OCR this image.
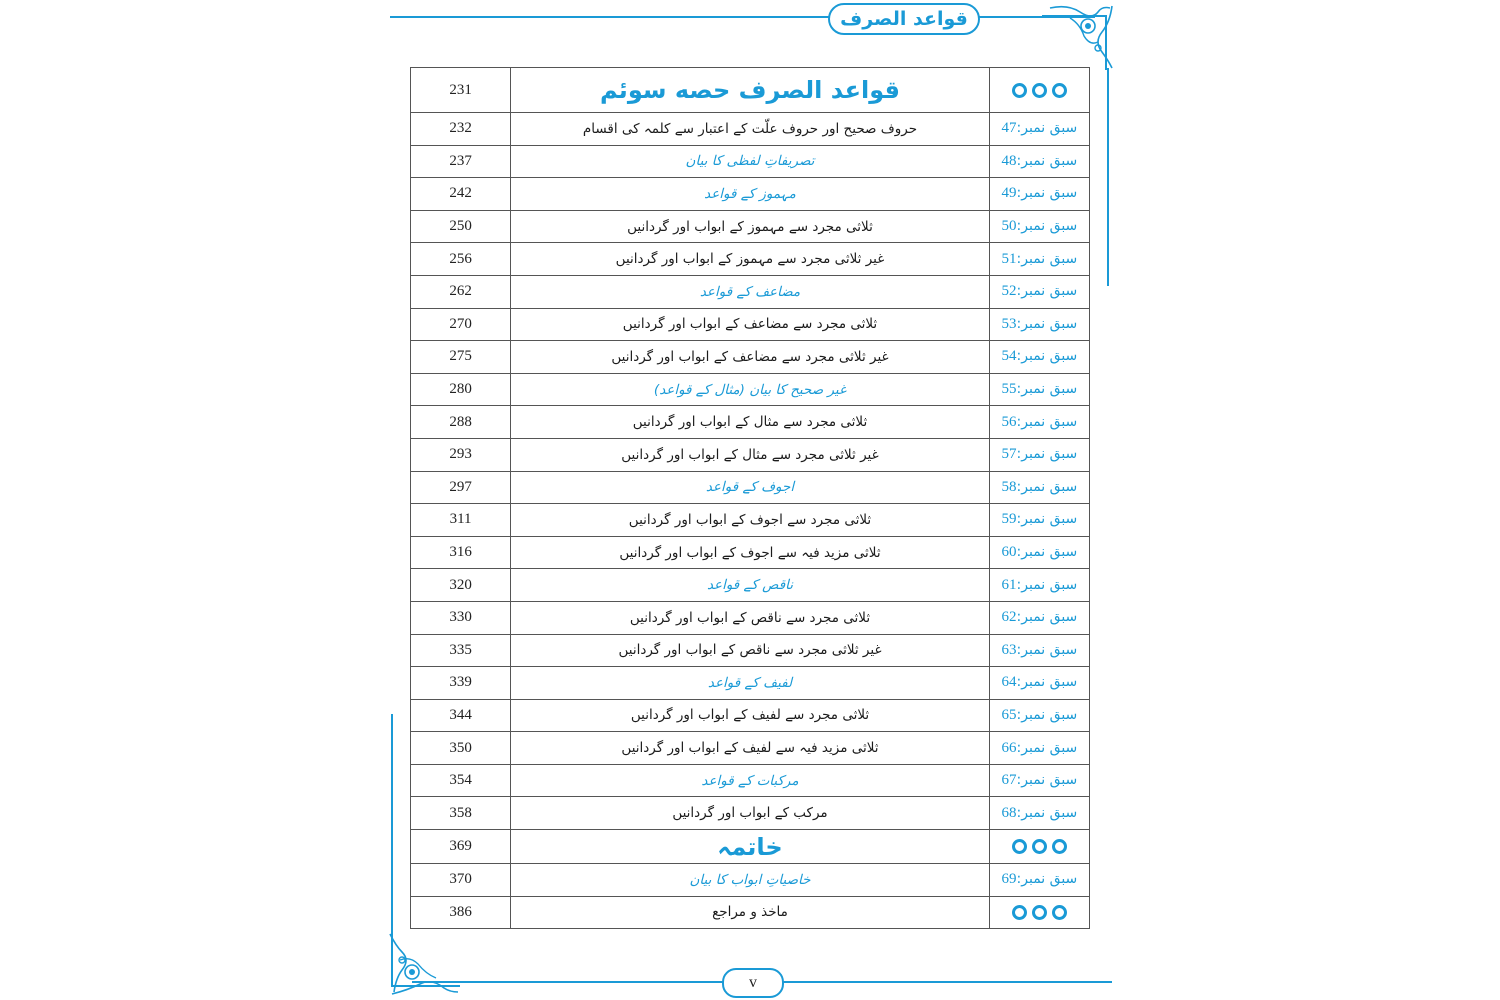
قواعد الصرف
231	قواعد الصرف حصه سوئم	

232	حروف صحیح اور حروف علّت کے اعتبار سے کلمہ کی اقسام	سبق نمبر:47
237	تصریفاتِ لفظی کا بیان	سبق نمبر:48
242	مہموز کے قواعد	سبق نمبر:49
250	ثلاثی مجرد سے مہموز کے ابواب اور گردانیں	سبق نمبر:50
256	غیر ثلاثی مجرد سے مہموز کے ابواب اور گردانیں	سبق نمبر:51
262	مضاعف کے قواعد	سبق نمبر:52
270	ثلاثی مجرد سے مضاعف کے ابواب اور گردانیں	سبق نمبر:53
275	غیر ثلاثی مجرد سے مضاعف کے ابواب اور گردانیں	سبق نمبر:54
280	غیر صحیح کا بیان (مثال کے قواعد)	سبق نمبر:55
288	ثلاثی مجرد سے مثال کے ابواب اور گردانیں	سبق نمبر:56
293	غیر ثلاثی مجرد سے مثال کے ابواب اور گردانیں	سبق نمبر:57
297	اجوف کے قواعد	سبق نمبر:58
311	ثلاثی مجرد سے اجوف کے ابواب اور گردانیں	سبق نمبر:59
316	ثلاثی مزید فیہ سے اجوف کے ابواب اور گردانیں	سبق نمبر:60
320	ناقص کے قواعد	سبق نمبر:61
330	ثلاثی مجرد سے ناقص کے ابواب اور گردانیں	سبق نمبر:62
335	غیر ثلاثی مجرد سے ناقص کے ابواب اور گردانیں	سبق نمبر:63
339	لفیف کے قواعد	سبق نمبر:64
344	ثلاثی مجرد سے لفیف کے ابواب اور گردانیں	سبق نمبر:65
350	ثلاثی مزید فیہ سے لفیف کے ابواب اور گردانیں	سبق نمبر:66
354	مرکبات کے قواعد	سبق نمبر:67
358	مرکب کے ابواب اور گردانیں	سبق نمبر:68
369	خاتمہ	

370	خاصیاتِ ابواب کا بیان	سبق نمبر:69
386	ماخذ و مراجع	
v
